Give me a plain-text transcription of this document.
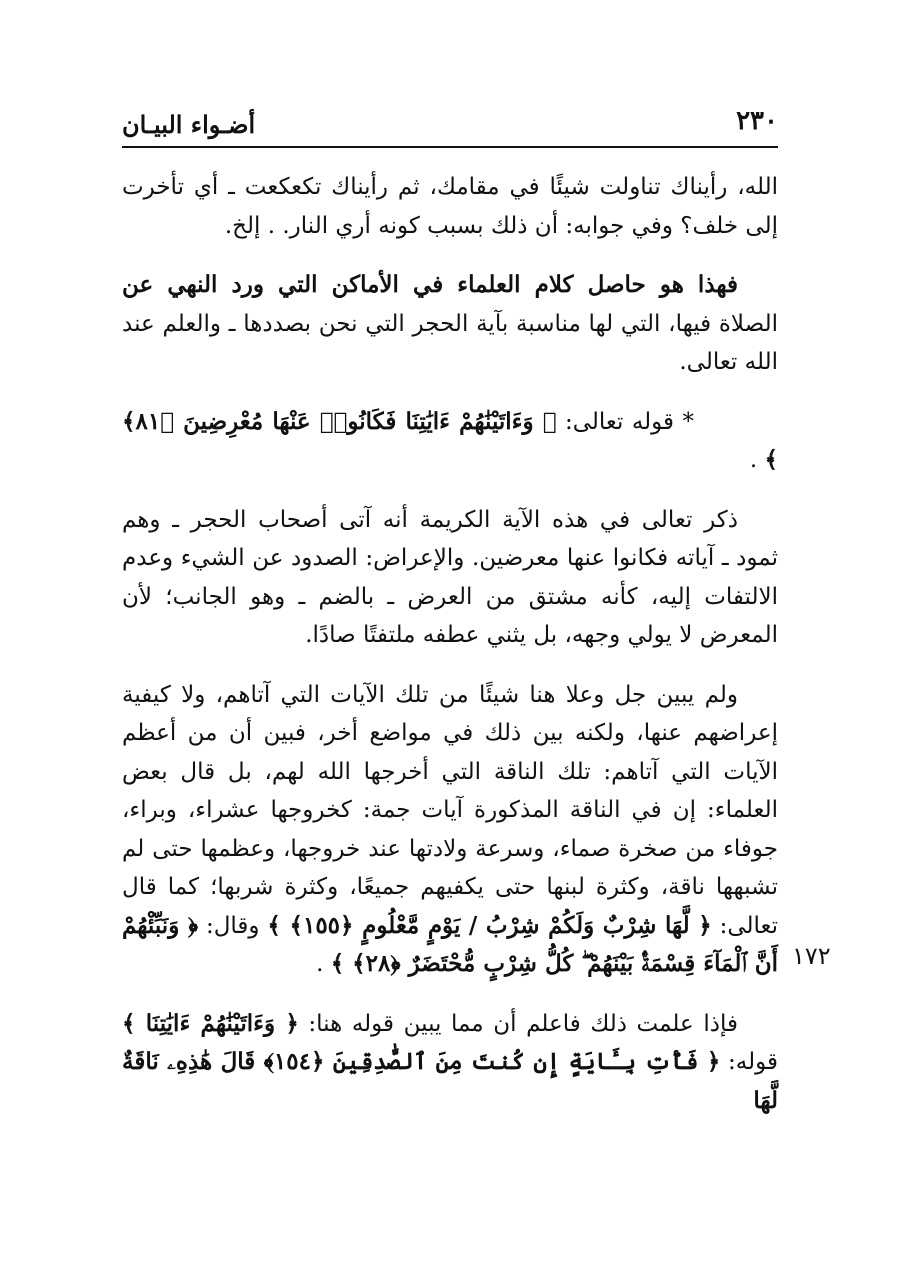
٢٣٠
أضـواء البيـان

الله، رأيناك تناولت شيئًا في مقامك، ثم رأيناك تكعكعت ـ أي تأخرت إلى خلف؟ وفي جوابه: أن ذلك بسبب كونه أري النار. . إلخ.

فهذا هو حاصل كلام العلماء في الأماكن التي ورد النهي عن الصلاة فيها، التي لها مناسبة بآية الحجر التي نحن بصددها ـ والعلم عند الله تعالى.

* قوله تعالى: ﴿ وَءَاتَيْنَٰهُمْ ءَايَٰتِنَا فَكَانُوا۟ عَنْهَا مُعْرِضِينَ ﴿٨١﴾ ﴾ .

ذكر تعالى في هذه الآية الكريمة أنه آتى أصحاب الحجر ـ وهم ثمود ـ آياته فكانوا عنها معرضين. والإعراض: الصدود عن الشيء وعدم الالتفات إليه، كأنه مشتق من العرض ـ بالضم ـ وهو الجانب؛ لأن المعرض لا يولي وجهه، بل يثني عطفه ملتفتًا صادًا.

ولم يبين جل وعلا هنا شيئًا من تلك الآيات التي آتاهم، ولا كيفية إعراضهم عنها، ولكنه بين ذلك في مواضع أخر، فبين أن من أعظم الآيات التي آتاهم: تلك الناقة التي أخرجها الله لهم، بل قال بعض العلماء: إن في الناقة المذكورة آيات جمة: كخروجها عشراء، وبراء، جوفاء من صخرة صماء، وسرعة ولادتها عند خروجها، وعظمها حتى لم تشبهها ناقة، وكثرة لبنها حتى يكفيهم جميعًا، وكثرة شربها؛ كما قال تعالى: ﴿ لَّهَا شِرْبٌ وَلَكُمْ شِرْبُ / يَوْمٍ مَّعْلُومٍ ﴿١٥٥﴾ ﴾ وقال: ﴿ وَنَبِّئْهُمْ أَنَّ ٱلْمَآءَ قِسْمَةٌۢ بَيْنَهُمْ ۖ كُلُّ شِرْبٍ مُّحْتَضَرٌ ﴿٢٨﴾ ﴾ .

فإذا علمت ذلك فاعلم أن مما يبين قوله هنا: ﴿ وَءَاتَيْنَٰهُمْ ءَايَٰتِنَا ﴾ قوله: ﴿ فَأْتِ بِـَٔايَةٍ إِن كُنتَ مِنَ ٱلصَّٰدِقِينَ ﴿١٥٤﴾ قَالَ هَٰذِهِۦ نَاقَةٌ لَّهَا

١٧٢
